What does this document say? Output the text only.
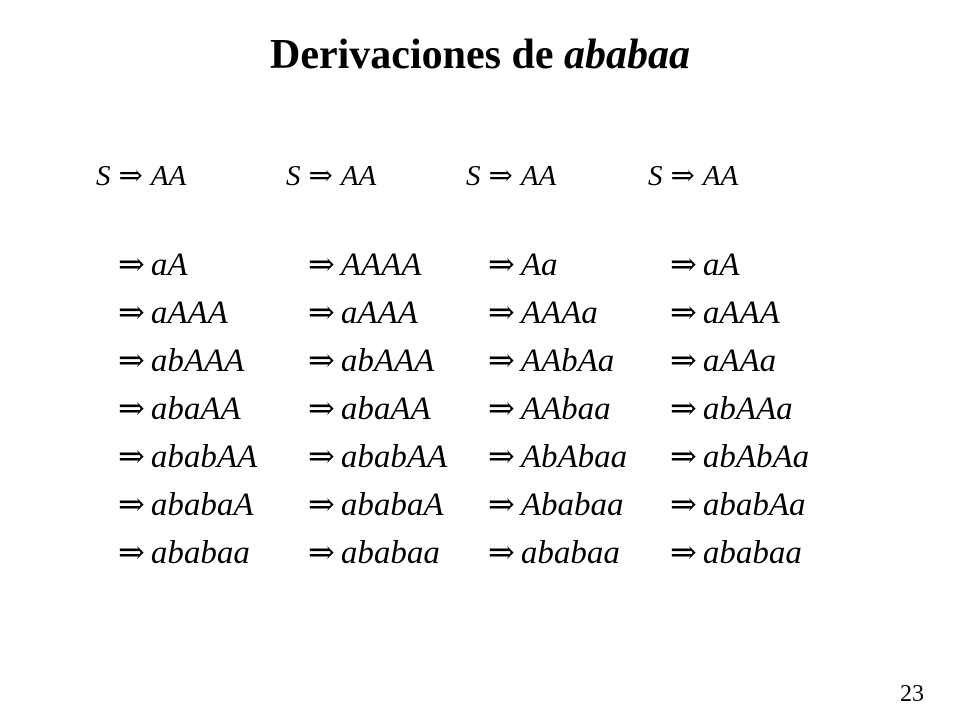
Derivaciones de ababaa
S ⇒ AA
⇒ aA
⇒ aAAA
⇒ abAAA
⇒ abaAA
⇒ ababAA
⇒ ababaA
⇒ ababaa
S ⇒ AA
⇒ AAAA
⇒ aAAA
⇒ abAAA
⇒ abaAA
⇒ ababAA
⇒ ababaA
⇒ ababaa
S ⇒ AA
⇒ Aa
⇒ AAAa
⇒ AAbAa
⇒ AAbaa
⇒ AbAbaa
⇒ Ababaa
⇒ ababaa
S ⇒ AA
⇒ aA
⇒ aAAA
⇒ aAAa
⇒ abAAa
⇒ abAbAa
⇒ ababAa
⇒ ababaa
23
